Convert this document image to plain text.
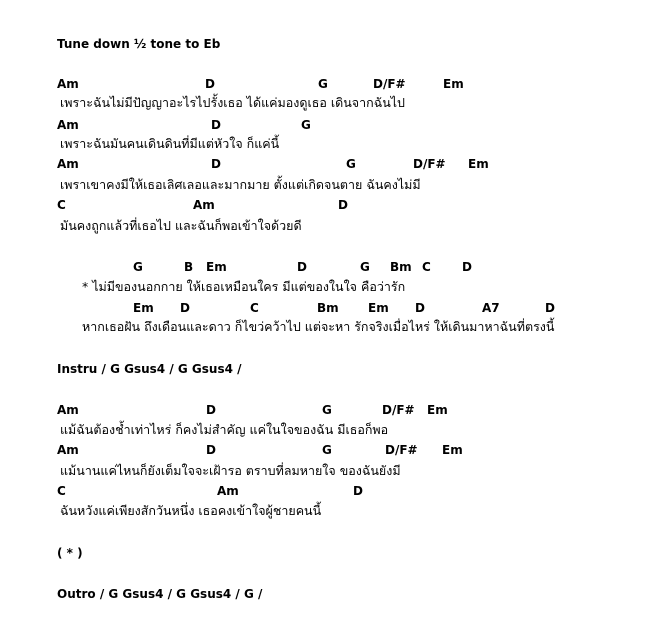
Tune down ½ tone to Eb
Am	D	G	D/F#	Em
เพราะฉันไม่มีปัญญาอะไรไปรั้งเธอ ได้แค่มองดูเธอ เดินจากฉันไป
Am	D	G
เพราะฉันมันคนเดินดินที่มีแต่หัวใจ ก็แค่นี้
Am	D	G	D/F# Em
เพราเขาคงมีให้เธอเลิศเลอและมากมาย ตั้งแต่เกิดจนตาย ฉันคงไม่มี
C	Am	D
มันคงถูกแล้วที่เธอไป และฉันก็พอเข้าใจด้วยดี
G	B Em	D	G Bm C	D
* ไม่มีของนอกกาย ให้เธอเหมือนใคร มีแต่ของในใจ คือว่ารัก
Em D	C	Bm Em D	A7	D
หากเธอฝัน ถึงเดือนและดาว ก็ไขว่คว้าไป แต่จะหา รักจริงเมื่อไหร่ ให้เดินมาหาฉันที่ตรงนี้
Am	D	G	D/F# Em
แม้ฉันต้องช้ำเท่าไหร่ ก็คงไม่สำคัญ แค่ในใจของฉัน มีเธอก็พอ
Am	D	G	D/F# Em
แม้นานแค่ไหนก็ยังเต็มใจจะเฝ้ารอ ตราบที่ลมหายใจ ของฉันยังมี
C	Am	D
ฉันหวังแค่เพียงสักวันหนึ่ง เธอคงเข้าใจผู้ชายคนนี้
Instru / G Gsus4 / G Gsus4 /
( * )
Outro / G Gsus4 / G Gsus4 / G /
